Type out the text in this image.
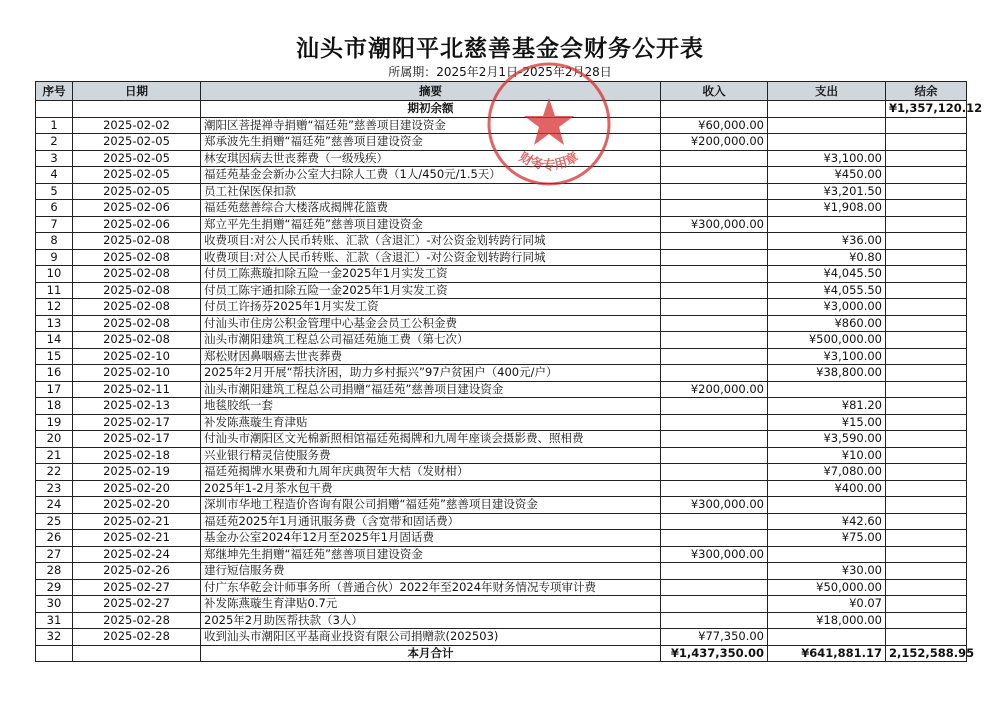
汕头市潮阳平北慈善基金会财务公开表
所属期：2025年2月1日-2025年2月28日
序号	日期	摘要	收入	支出	结余
		期初余额			¥ 1,357,120.12

1	2025-02-02	潮阳区菩提禅寺捐赠“福廷苑”慈善项目建设资金	¥60,000.00		
2	2025-02-05	郑承波先生捐赠“福廷苑”慈善项目建设资金	¥200,000.00		
3	2025-02-05	林安琪因病去世丧葬费（一级残疾）		¥3,100.00	
4	2025-02-05	福廷苑基金会新办公室大扫除人工费（1人/450元/1.5天）		¥450.00	
5	2025-02-05	员工社保医保扣款		¥3,201.50	
6	2025-02-06	福廷苑慈善综合大楼落成揭牌花篮费		¥1,908.00	
7	2025-02-06	郑立平先生捐赠“福廷苑”慈善项目建设资金	¥300,000.00		
8	2025-02-08	收费项目:对公人民币转账、汇款（含退汇）-对公资金划转跨行同城		¥36.00	
9	2025-02-08	收费项目:对公人民币转账、汇款（含退汇）-对公资金划转跨行同城		¥0.80	
10	2025-02-08	付员工陈燕璇扣除五险一金2025年1月实发工资		¥4,045.50	
11	2025-02-08	付员工陈宇通扣除五险一金2025年1月实发工资		¥4,055.50	
12	2025-02-08	付员工许扬芬2025年1月实发工资		¥3,000.00	
13	2025-02-08	付汕头市住房公积金管理中心基金会员工公积金费		¥860.00	
14	2025-02-08	汕头市潮阳建筑工程总公司福廷苑施工费（第七次）		¥500,000.00	
15	2025-02-10	郑松财因鼻咽癌去世丧葬费		¥3,100.00	
16	2025-02-10	2025年2月开展“帮扶济困，助力乡村振兴”97户贫困户（400元/户）		¥38,800.00	
17	2025-02-11	汕头市潮阳建筑工程总公司捐赠“福廷苑”慈善项目建设资金	¥200,000.00		
18	2025-02-13	地毯胶纸一套		¥81.20	
19	2025-02-17	补发陈燕璇生育津贴		¥15.00	
20	2025-02-17	付汕头市潮阳区文光棉新照相馆福廷苑揭牌和九周年座谈会摄影费、照相费		¥3,590.00	
21	2025-02-18	兴业银行精灵信使服务费		¥10.00	
22	2025-02-19	福廷苑揭牌水果费和九周年庆典贺年大桔（发财柑）		¥7,080.00	
23	2025-02-20	2025年1-2月茶水包干费		¥400.00	
24	2025-02-20	深圳市华地工程造价咨询有限公司捐赠“福廷苑”慈善项目建设资金	¥300,000.00		
25	2025-02-21	福廷苑2025年1月通讯服务费（含宽带和固话费）		¥42.60	
26	2025-02-21	基金办公室2024年12月至2025年1月固话费		¥75.00	
27	2025-02-24	郑继坤先生捐赠“福廷苑”慈善项目建设资金	¥300,000.00		
28	2025-02-26	建行短信服务费		¥30.00	
29	2025-02-27	付广东华乾会计师事务所（普通合伙）2022年至2024年财务情况专项审计费		¥50,000.00	
30	2025-02-27	补发陈燕璇生育津贴0.7元		¥0.07	
31	2025-02-28	2025年2月助医帮扶款（3人）		¥18,000.00	
32	2025-02-28	收到汕头市潮阳区平基商业投资有限公司捐赠款(202503)	¥77,350.00		
		本月合计	¥1,437,350.00	¥641,881.17	2,152,588.95
财务专用章
